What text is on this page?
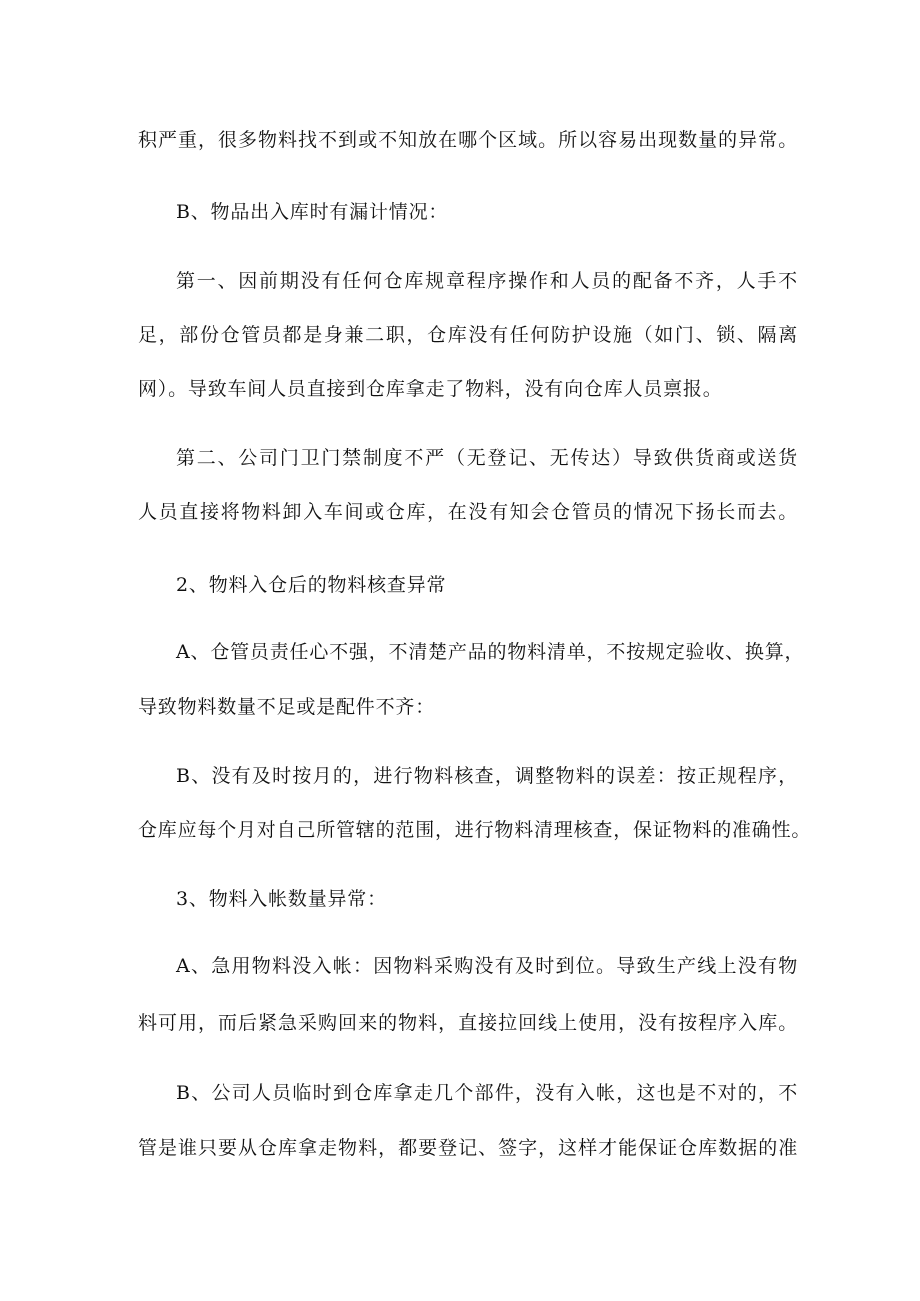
积严重，很多物料找不到或不知放在哪个区域。所以容易出现数量的异常。
B、物品出入库时有漏计情况：
第一、因前期没有任何仓库规章程序操作和人员的配备不齐，人手不
足，部份仓管员都是身兼二职，仓库没有任何防护设施（如门、锁、隔离
网）。导致车间人员直接到仓库拿走了物料，没有向仓库人员禀报。
第二、公司门卫门禁制度不严（无登记、无传达）导致供货商或送货
人员直接将物料卸入车间或仓库，在没有知会仓管员的情况下扬长而去。
2、物料入仓后的物料核查异常
A、仓管员责任心不强，不清楚产品的物料清单，不按规定验收、换算，
导致物料数量不足或是配件不齐：
B、没有及时按月的，进行物料核查，调整物料的误差：按正规程序，
仓库应每个月对自己所管辖的范围，进行物料清理核查，保证物料的准确性。
3、物料入帐数量异常：
A、急用物料没入帐：因物料采购没有及时到位。导致生产线上没有物
料可用，而后紧急采购回来的物料，直接拉回线上使用，没有按程序入库。
B、公司人员临时到仓库拿走几个部件，没有入帐，这也是不对的，不
管是谁只要从仓库拿走物料，都要登记、签字，这样才能保证仓库数据的准
